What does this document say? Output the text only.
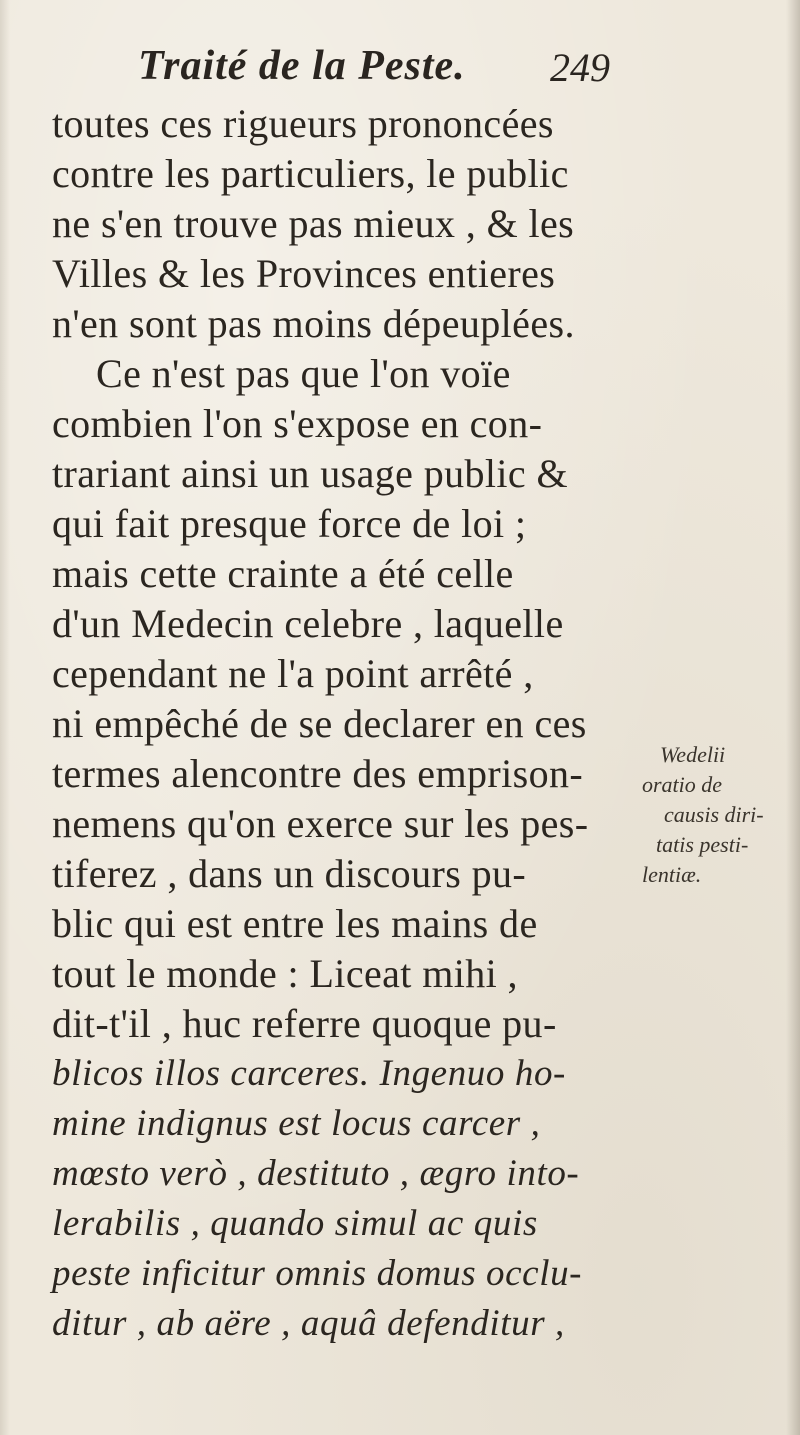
Traité de la Peste. 249
toutes ces rigueurs prononcées
contre les particuliers, le public
ne s'en trouve pas mieux , & les
Villes & les Provinces entieres
n'en sont pas moins dépeuplées.
Ce n'est pas que l'on voïe
combien l'on s'expose en con-
trariant ainsi un usage public &
qui fait presque force de loi ;
mais cette crainte a été celle
d'un Medecin celebre , laquelle
cependant ne l'a point arrêté ,
ni empêché de se declarer en ces
termes alencontre des emprison-
nemens qu'on exerce sur les pes-
tiferez , dans un discours pu-
blic qui est entre les mains de
tout le monde : Liceat mihi ,
dit-t'il , huc referre quoque pu-
blicos illos carceres. Ingenuo ho-
mine indignus est locus carcer ,
mœsto verò , destituto , ægro into-
lerabilis , quando simul ac quis
peste inficitur omnis domus occlu-
ditur , ab aëre , aquâ defenditur ,
Wedelii
oratio de
causis diri-
tatis pesti-
lentiæ.
